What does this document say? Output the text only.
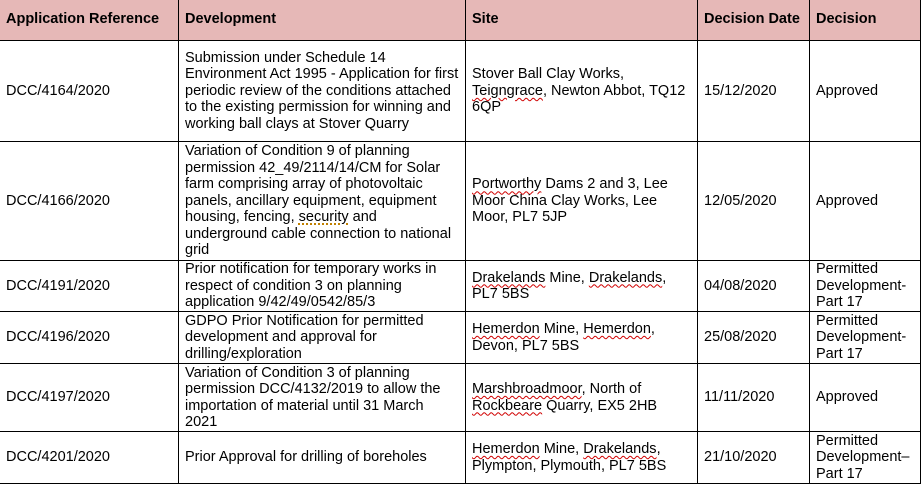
Application Reference	Development	Site	Decision Date	Decision
DCC/4164/2020	Submission under Schedule 14 Environment Act 1995 - Application for first periodic review of the conditions attached to the existing permission for winning and working ball clays at Stover Quarry	Stover Ball Clay Works, Teigngrace, Newton Abbot, TQ12 6QP	15/12/2020	Approved
DCC/4166/2020	Variation of Condition 9 of planning permission 42_49/2114/14/CM for Solar farm comprising array of photovoltaic panels, ancillary equipment, equipment housing, fencing, security and underground cable connection to national grid	Portworthy Dams 2 and 3, Lee Moor China Clay Works, Lee Moor, PL7 5JP	12/05/2020	Approved
DCC/4191/2020	Prior notification for temporary works in respect of condition 3 on planning application 9/42/49/0542/85/3	Drakelands Mine, Drakelands, PL7 5BS	04/08/2020	Permitted Development- Part 17
DCC/4196/2020	GDPO Prior Notification for permitted development and approval for drilling/exploration	Hemerdon Mine, Hemerdon, Devon, PL7 5BS	25/08/2020	Permitted Development- Part 17
DCC/4197/2020	Variation of Condition 3 of planning permission DCC/4132/2019 to allow the importation of material until 31 March 2021	Marshbroadmoor, North of Rockbeare Quarry, EX5 2HB	11/11/2020	Approved
DCC/4201/2020	Prior Approval for drilling of boreholes	Hemerdon Mine, Drakelands, Plympton, Plymouth, PL7 5BS	21/10/2020	Permitted Development– Part 17
